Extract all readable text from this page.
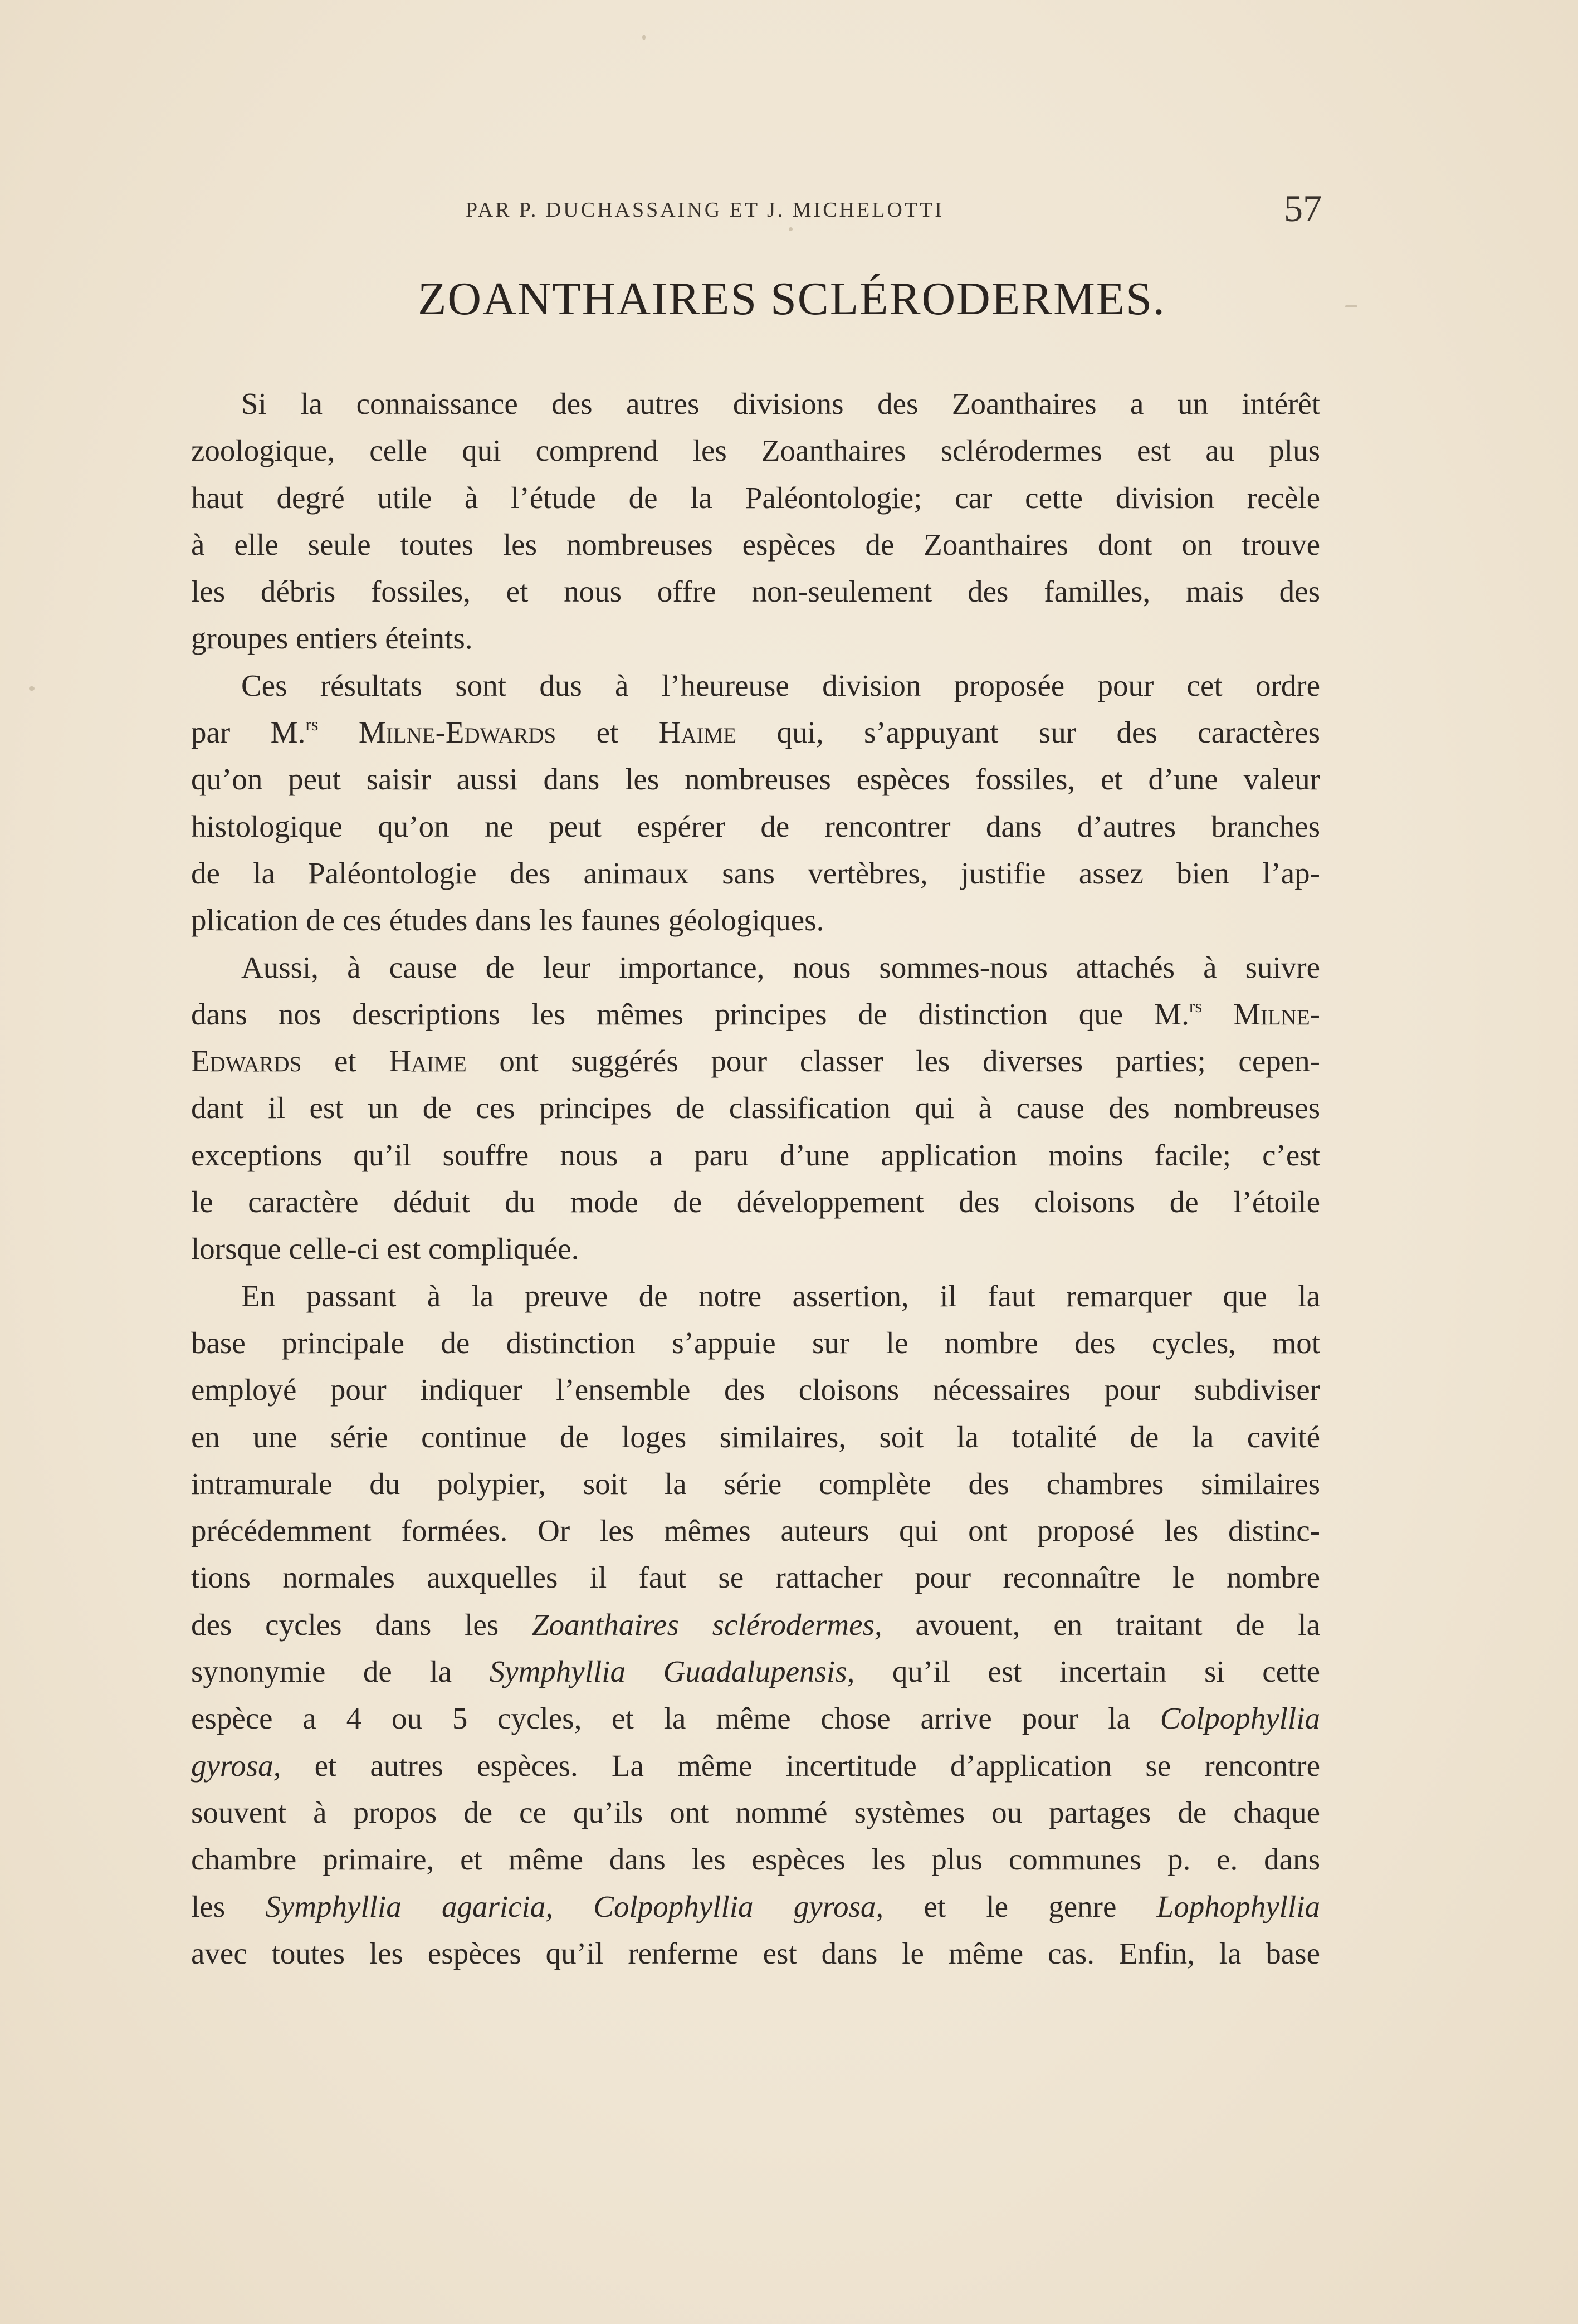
PAR P. DUCHASSAING ET J. MICHELOTTI	57
ZOANTHAIRES SCLÉRODERMES.
Si la connaissance des autres divisions des Zoanthaires a un intérêt
zoologique, celle qui comprend les Zoanthaires sclérodermes est au plus
haut degré utile à l’étude de la Paléontologie; car cette division recèle
à elle seule toutes les nombreuses espèces de Zoanthaires dont on trouve
les débris fossiles, et nous offre non-seulement des familles, mais des
groupes entiers éteints.
Ces résultats sont dus à l’heureuse division proposée pour cet ordre
par M.$^{rs}$ Milne-Edwards et Haime qui, s’appuyant sur des caractères
qu’on peut saisir aussi dans les nombreuses espèces fossiles, et d’une valeur
histologique qu’on ne peut espérer de rencontrer dans d’autres branches
de la Paléontologie des animaux sans vertèbres, justifie assez bien l’ap-
plication de ces études dans les faunes géologiques.
Aussi, à cause de leur importance, nous sommes-nous attachés à suivre
dans nos descriptions les mêmes principes de distinction que M.$^{rs}$ Milne-
Edwards et Haime ont suggérés pour classer les diverses parties; cepen-
dant il est un de ces principes de classification qui à cause des nombreuses
exceptions qu’il souffre nous a paru d’une application moins facile; c’est
le caractère déduit du mode de développement des cloisons de l’étoile
lorsque celle-ci est compliquée.
En passant à la preuve de notre assertion, il faut remarquer que la
base principale de distinction s’appuie sur le nombre des cycles, mot
employé pour indiquer l’ensemble des cloisons nécessaires pour subdiviser
en une série continue de loges similaires, soit la totalité de la cavité
intramurale du polypier, soit la série complète des chambres similaires
précédemment formées. Or les mêmes auteurs qui ont proposé les distinc-
tions normales auxquelles il faut se rattacher pour reconnaître le nombre
des cycles dans les Zoanthaires sclérodermes, avouent, en traitant de la
synonymie de la Symphyllia Guadalupensis, qu’il est incertain si cette
espèce a 4 ou 5 cycles, et la même chose arrive pour la Colpophyllia
gyrosa, et autres espèces. La même incertitude d’application se rencontre
souvent à propos de ce qu’ils ont nommé systèmes ou partages de chaque
chambre primaire, et même dans les espèces les plus communes p. e. dans
les Symphyllia agaricia, Colpophyllia gyrosa, et le genre Lophophyllia
avec toutes les espèces qu’il renferme est dans le même cas. Enfin, la base
